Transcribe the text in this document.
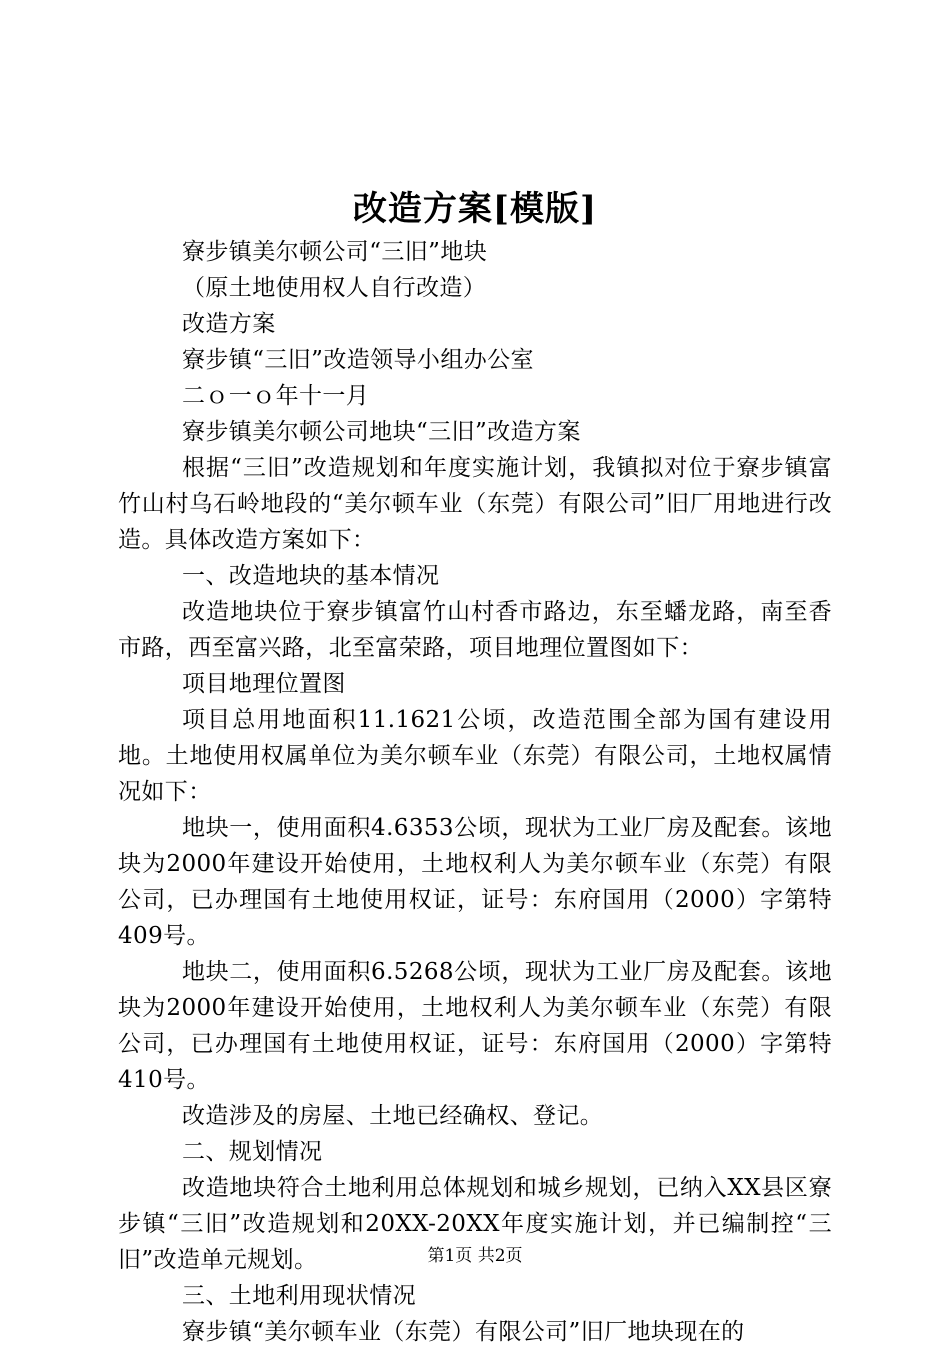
改造方案[模版]

寮步镇美尔顿公司“三旧”地块

（原土地使用权人自行改造）

改造方案

寮步镇“三旧”改造领导小组办公室

二ｏ一ｏ年十一月

寮步镇美尔顿公司地块“三旧”改造方案

根据“三旧”改造规划和年度实施计划，我镇拟对位于寮步镇富竹山村乌石岭地段的“美尔顿车业（东莞）有限公司”旧厂用地进行改造。具体改造方案如下：

一、改造地块的基本情况

改造地块位于寮步镇富竹山村香市路边，东至蟠龙路，南至香市路，西至富兴路，北至富荣路，项目地理位置图如下：

项目地理位置图

项目总用地面积11.1621公顷，改造范围全部为国有建设用地。土地使用权属单位为美尔顿车业（东莞）有限公司，土地权属情况如下：

地块一，使用面积4.6353公顷，现状为工业厂房及配套。该地块为2000年建设开始使用，土地权利人为美尔顿车业（东莞）有限公司，已办理国有土地使用权证，证号：东府国用（2000）字第特409号。

地块二，使用面积6.5268公顷，现状为工业厂房及配套。该地块为2000年建设开始使用，土地权利人为美尔顿车业（东莞）有限公司，已办理国有土地使用权证，证号：东府国用（2000）字第特410号。

改造涉及的房屋、土地已经确权、登记。

二、规划情况

改造地块符合土地利用总体规划和城乡规划，已纳入XX县区寮步镇“三旧”改造规划和20XX-20XX年度实施计划，并已编制控“三旧”改造单元规划。

三、土地利用现状情况

寮步镇“美尔顿车业（东莞）有限公司”旧厂地块现在的

第1页 共2页
